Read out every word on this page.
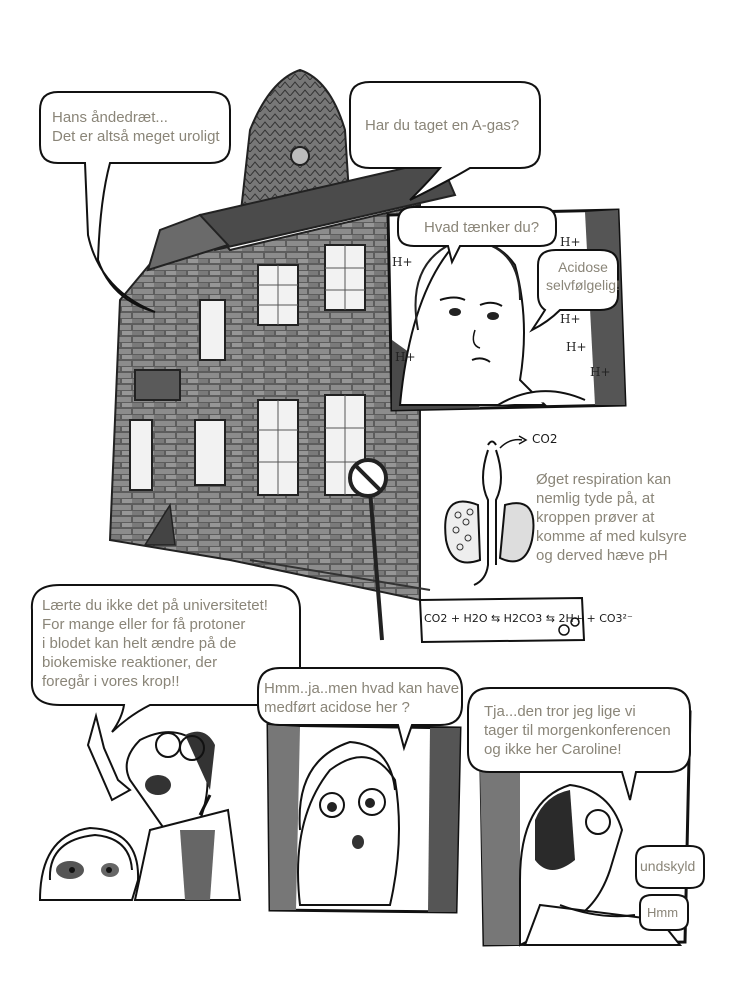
Hans åndedræt...
Det er altså meget uroligt
Har du taget en A-gas?
Hvad tænker du?
Acidose
selvfølgelig!
H+
H+
H+
H+
H+
H+
CO2
Øget respiration kan
nemlig tyde på, at
kroppen prøver at
komme af med kulsyre
og derved hæve pH
CO2 + H2O ⇆ H2CO3 ⇆ 2H+ + CO3²⁻
Lærte du ikke det på universitetet!
For mange eller for få protoner
i blodet kan helt ændre på de
biokemiske reaktioner, der
foregår i vores krop!!	Hmm..ja..men hvad kan have
medført acidose her ?	Tja...den tror jeg lige vi
tager til morgenkonferencen
og ikke her Caroline!
undskyld
Hmm
